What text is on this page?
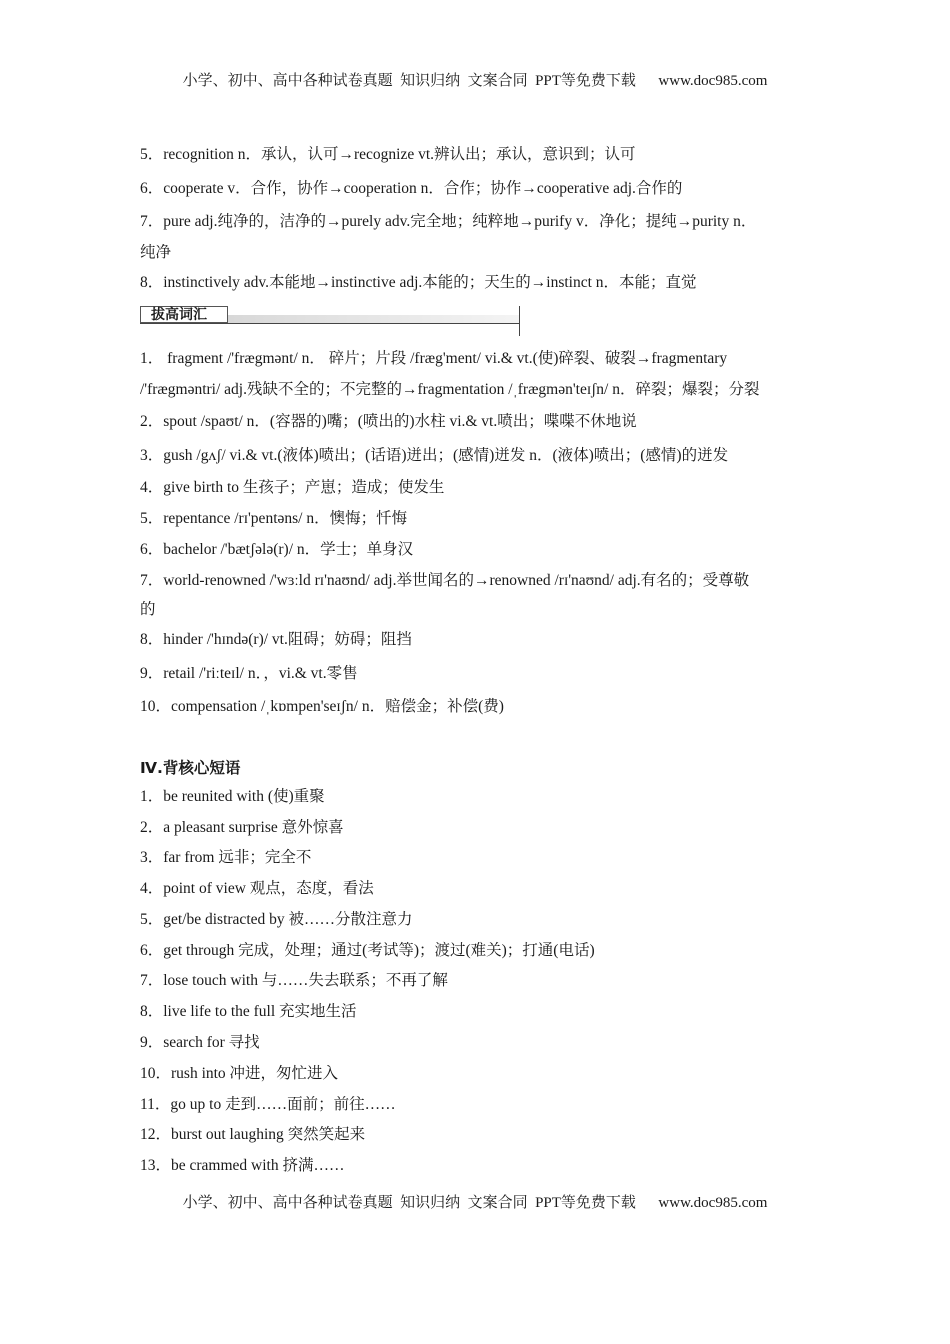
小学、初中、高中各种试卷真题  知识归纳  文案合同  PPT等免费下载      www.doc985.com
5．recognition n．承认，认可→recognize vt.辨认出；承认，意识到；认可
6．cooperate v．合作，协作→cooperation n．合作；协作→cooperative adj.合作的
7．pure adj.纯净的，洁净的→purely adv.完全地；纯粹地→purify v．净化；提纯→purity n．
纯净
8．instinctively adv.本能地→instinctive adj.本能的；天生的→instinct n．本能；直觉
拔高词汇
1． fragment /'frægmənt/ n． 碎片；片段 /fræg'ment/ vi.& vt.(使)碎裂、破裂→fragmentary
/'frægməntri/ adj.残缺不全的；不完整的→fragmentation /ˌfrægmən'teɪʃn/ n．碎裂；爆裂；分裂
2．spout /spaʊt/ n．(容器的)嘴；(喷出的)水柱 vi.& vt.喷出；喋喋不休地说
3．gush /gʌʃ/ vi.& vt.(液体)喷出；(话语)迸出；(感情)迸发 n．(液体)喷出；(感情)的迸发
4．give birth to 生孩子；产崽；造成；使发生
5．repentance /rɪ'pentəns/ n．懊悔；忏悔
6．bachelor /'bætʃələ(r)/ n．学士；单身汉
7．world-renowned /'wɜːld rɪ'naʊnd/ adj.举世闻名的→renowned /rɪ'naʊnd/ adj.有名的；受尊敬
的
8．hinder /'hɪndə(r)/ vt.阻碍；妨碍；阻挡
9．retail /'riːteɪl/ n．，vi.& vt.零售
10．compensation /ˌkɒmpen'seɪʃn/ n．赔偿金；补偿(费)
Ⅳ.背核心短语
1．be reunited with (使)重聚
2．a pleasant surprise 意外惊喜
3．far from 远非；完全不
4．point of view 观点，态度，看法
5．get/be distracted by 被……分散注意力
6．get through 完成，处理；通过(考试等)；渡过(难关)；打通(电话)
7．lose touch with 与……失去联系；不再了解
8．live life to the full 充实地生活
9．search for 寻找
10．rush into 冲进，匆忙进入
11．go up to 走到……面前；前往……
12．burst out laughing 突然笑起来
13．be crammed with 挤满……
小学、初中、高中各种试卷真题  知识归纳  文案合同  PPT等免费下载      www.doc985.com
